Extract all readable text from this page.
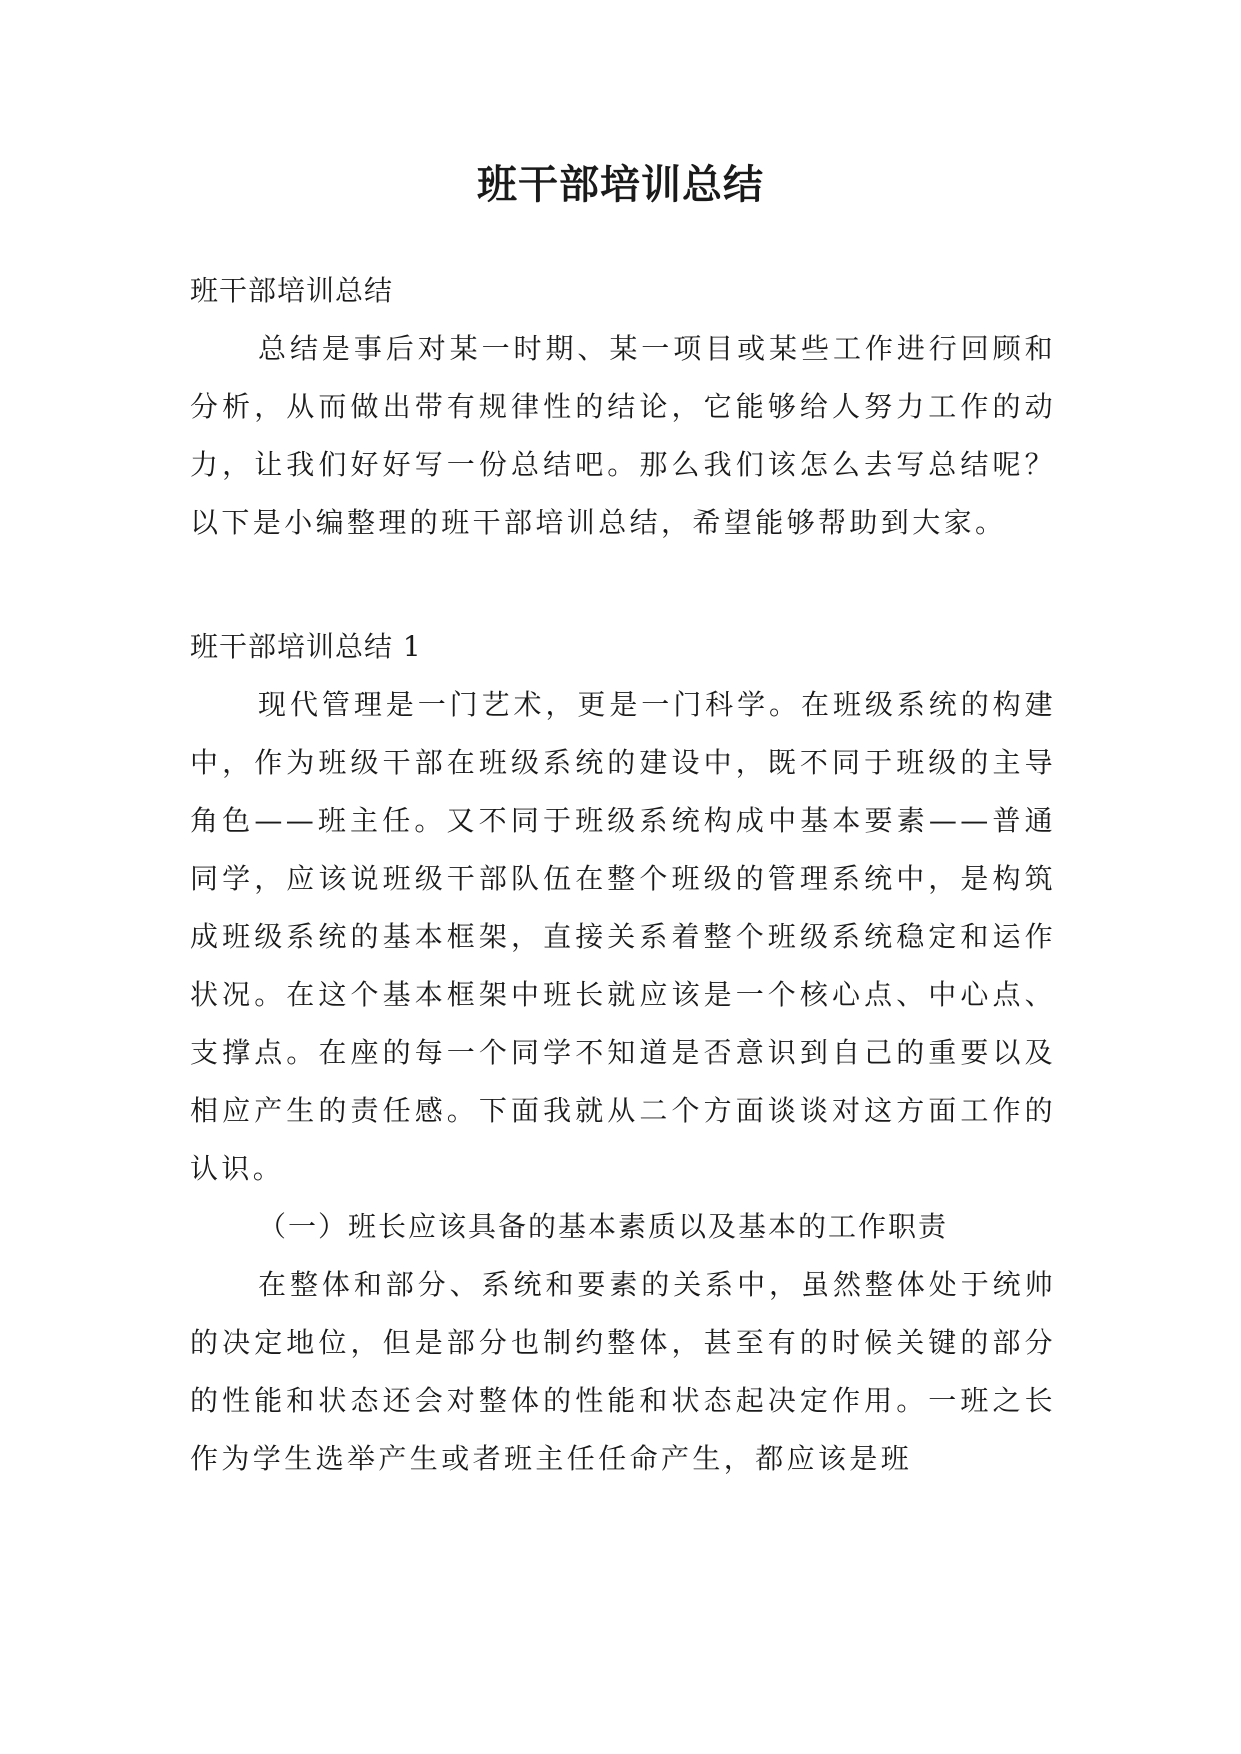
班干部培训总结

班干部培训总结

总结是事后对某一时期、某一项目或某些工作进行回顾和分析，从而做出带有规律性的结论，它能够给人努力工作的动力，让我们好好写一份总结吧。那么我们该怎么去写总结呢？以下是小编整理的班干部培训总结，希望能够帮助到大家。

班干部培训总结 1

现代管理是一门艺术，更是一门科学。在班级系统的构建中，作为班级干部在班级系统的建设中，既不同于班级的主导角色——班主任。又不同于班级系统构成中基本要素——普通同学，应该说班级干部队伍在整个班级的管理系统中，是构筑成班级系统的基本框架，直接关系着整个班级系统稳定和运作状况。在这个基本框架中班长就应该是一个核心点、中心点、支撑点。在座的每一个同学不知道是否意识到自己的重要以及相应产生的责任感。下面我就从二个方面谈谈对这方面工作的认识。

（一）班长应该具备的基本素质以及基本的工作职责

在整体和部分、系统和要素的关系中，虽然整体处于统帅的决定地位，但是部分也制约整体，甚至有的时候关键的部分的性能和状态还会对整体的性能和状态起决定作用。一班之长作为学生选举产生或者班主任任命产生，都应该是班
